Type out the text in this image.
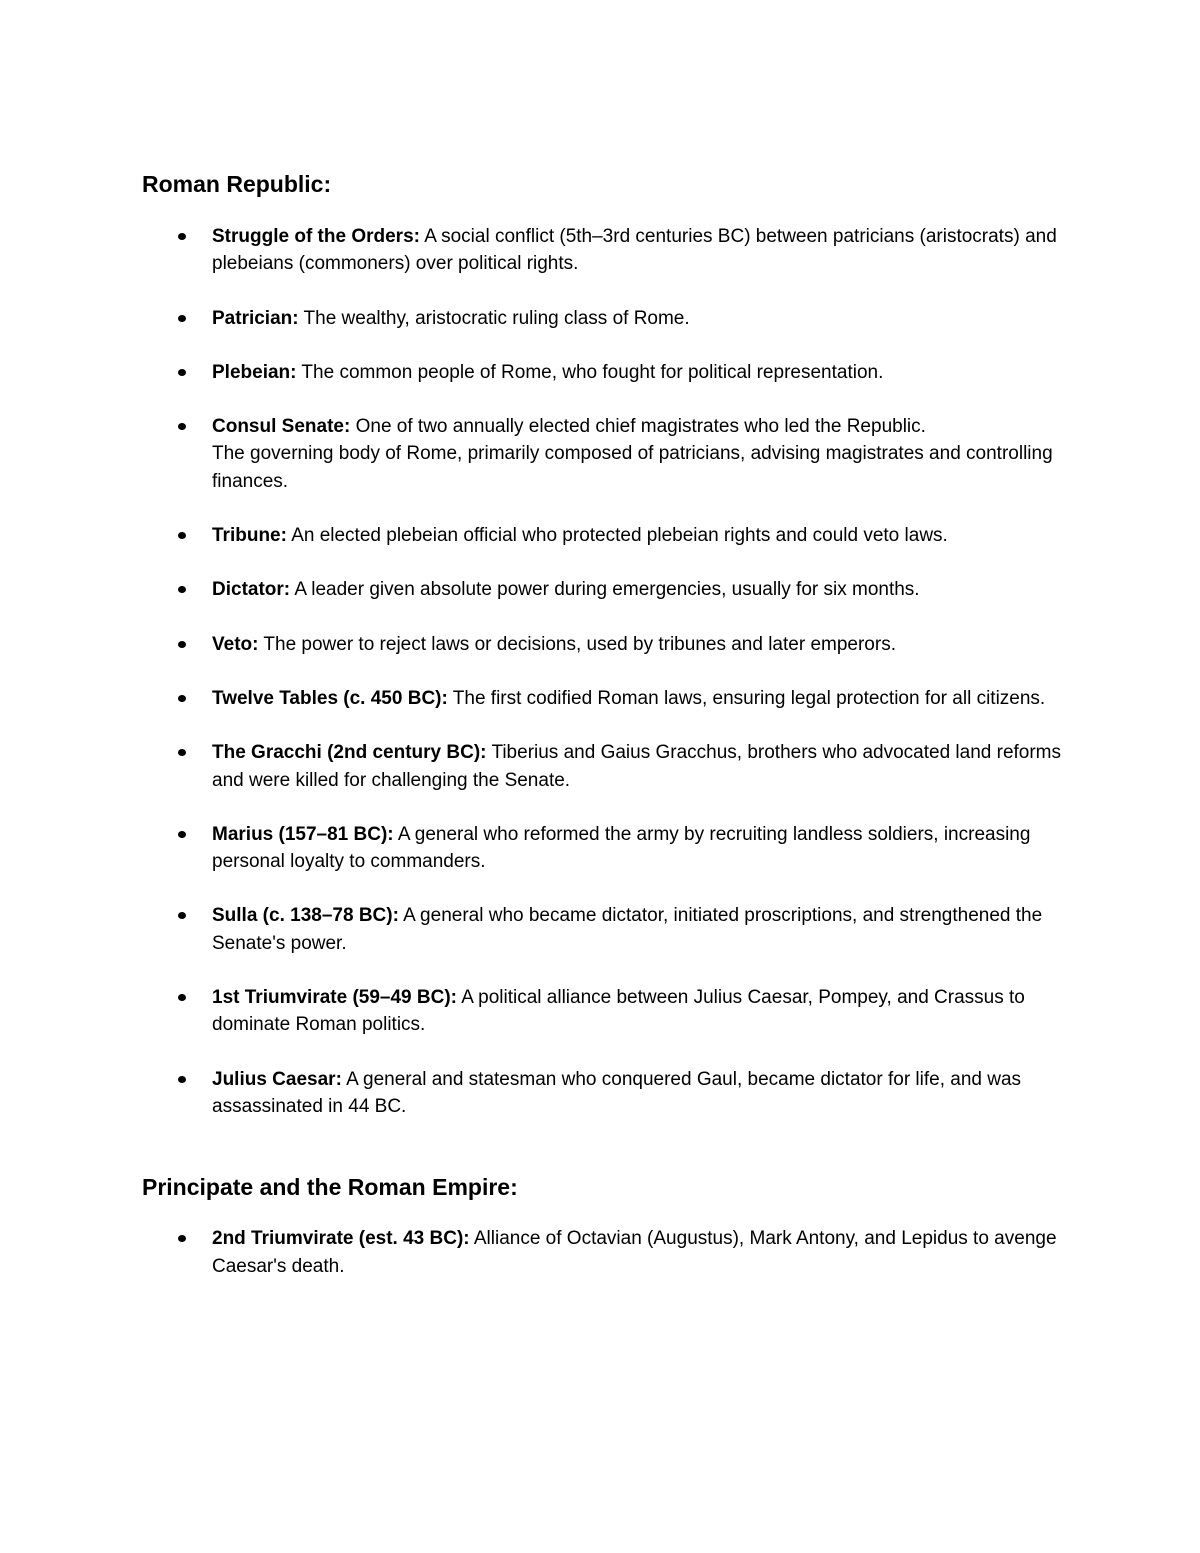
Roman Republic:
Struggle of the Orders: A social conflict (5th–3rd centuries BC) between patricians (aristocrats) and plebeians (commoners) over political rights.
Patrician: The wealthy, aristocratic ruling class of Rome.
Plebeian: The common people of Rome, who fought for political representation.
Consul Senate: One of two annually elected chief magistrates who led the Republic.
The governing body of Rome, primarily composed of patricians, advising magistrates and controlling finances.
Tribune: An elected plebeian official who protected plebeian rights and could veto laws.
Dictator: A leader given absolute power during emergencies, usually for six months.
Veto: The power to reject laws or decisions, used by tribunes and later emperors.
Twelve Tables (c. 450 BC): The first codified Roman laws, ensuring legal protection for all citizens.
The Gracchi (2nd century BC): Tiberius and Gaius Gracchus, brothers who advocated land reforms and were killed for challenging the Senate.
Marius (157–81 BC): A general who reformed the army by recruiting landless soldiers, increasing personal loyalty to commanders.
Sulla (c. 138–78 BC): A general who became dictator, initiated proscriptions, and strengthened the Senate's power.
1st Triumvirate (59–49 BC): A political alliance between Julius Caesar, Pompey, and Crassus to dominate Roman politics.
Julius Caesar: A general and statesman who conquered Gaul, became dictator for life, and was assassinated in 44 BC.
Principate and the Roman Empire:
2nd Triumvirate (est. 43 BC): Alliance of Octavian (Augustus), Mark Antony, and Lepidus to avenge Caesar's death.
